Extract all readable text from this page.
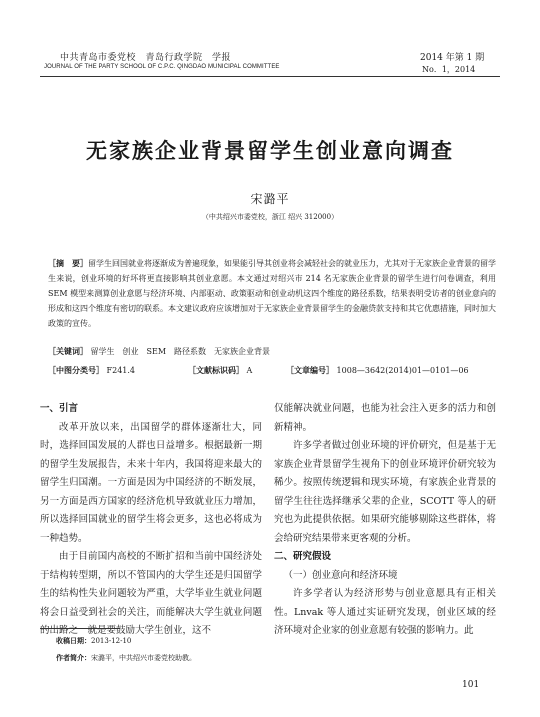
中共青岛市委党校　青岛行政学院　学报
JOURNAL OF THE PARTY SCHOOL OF C.P.C. QINGDAO MUNICIPAL COMMITTEE
2014 年第 1 期
No．1，2014
无家族企业背景留学生创业意向调查
宋潞平
（中共绍兴市委党校，浙江 绍兴 312000）
［摘　要］留学生回国就业将逐渐成为普遍现象，如果能引导其创业将会减轻社会的就业压力，尤其对于无家族企业背景的留学生来说，创业环境的好坏将更直接影响其创业意愿。本文通过对绍兴市 214 名无家族企业背景的留学生进行问卷调查，利用 SEM 模型来测算创业意愿与经济环境、内部驱动、政策驱动和创业动机这四个维度的路径系数，结果表明受访者的创业意向的形成和这四个维度有密切的联系。本文建议政府应该增加对于无家族企业背景留学生的金融贷款支持和其它优惠措施，同时加大政策的宣传。
［关键词］ 留学生　创业　SEM　路径系数　无家族企业背景
［中图分类号］ F241.4	［文献标识码］ A	［文章编号］ 1008—3642(2014)01—0101—06

一、引言

改革开放以来，出国留学的群体逐渐壮大，同时，选择回国发展的人群也日益增多。根据最新一期的留学生发展报告，未来十年内，我国将迎来最大的留学生归国潮。一方面是因为中国经济的不断发展，另一方面是西方国家的经济危机导致就业压力增加，所以选择回国就业的留学生将会更多，这也必将成为一种趋势。

由于目前国内高校的不断扩招和当前中国经济处于结构转型期，所以不管国内的大学生还是归国留学生的结构性失业问题较为严重，大学毕业生就业问题将会日益受到社会的关注，而能解决大学生就业问题的出路之一就是要鼓励大学生创业，这不

仅能解决就业问题，也能为社会注入更多的活力和创新精神。

许多学者做过创业环境的评价研究，但是基于无家族企业背景留学生视角下的创业环境评价研究较为稀少。按照传统逻辑和现实环境，有家族企业背景的留学生往往选择继承父辈的企业，SCOTT 等人的研究也为此提供依据。如果研究能够剔除这些群体，将会给研究结果带来更客观的分析。

二、研究假设

（一）创业意向和经济环境

许多学者认为经济形势与创业意愿具有正相关性。Lnvak 等人通过实证研究发现，创业区域的经济环境对企业家的创业意愿有较强的影响力。此

收稿日期：2013-12-10
作者简介：宋潞平，中共绍兴市委党校助教。
101
